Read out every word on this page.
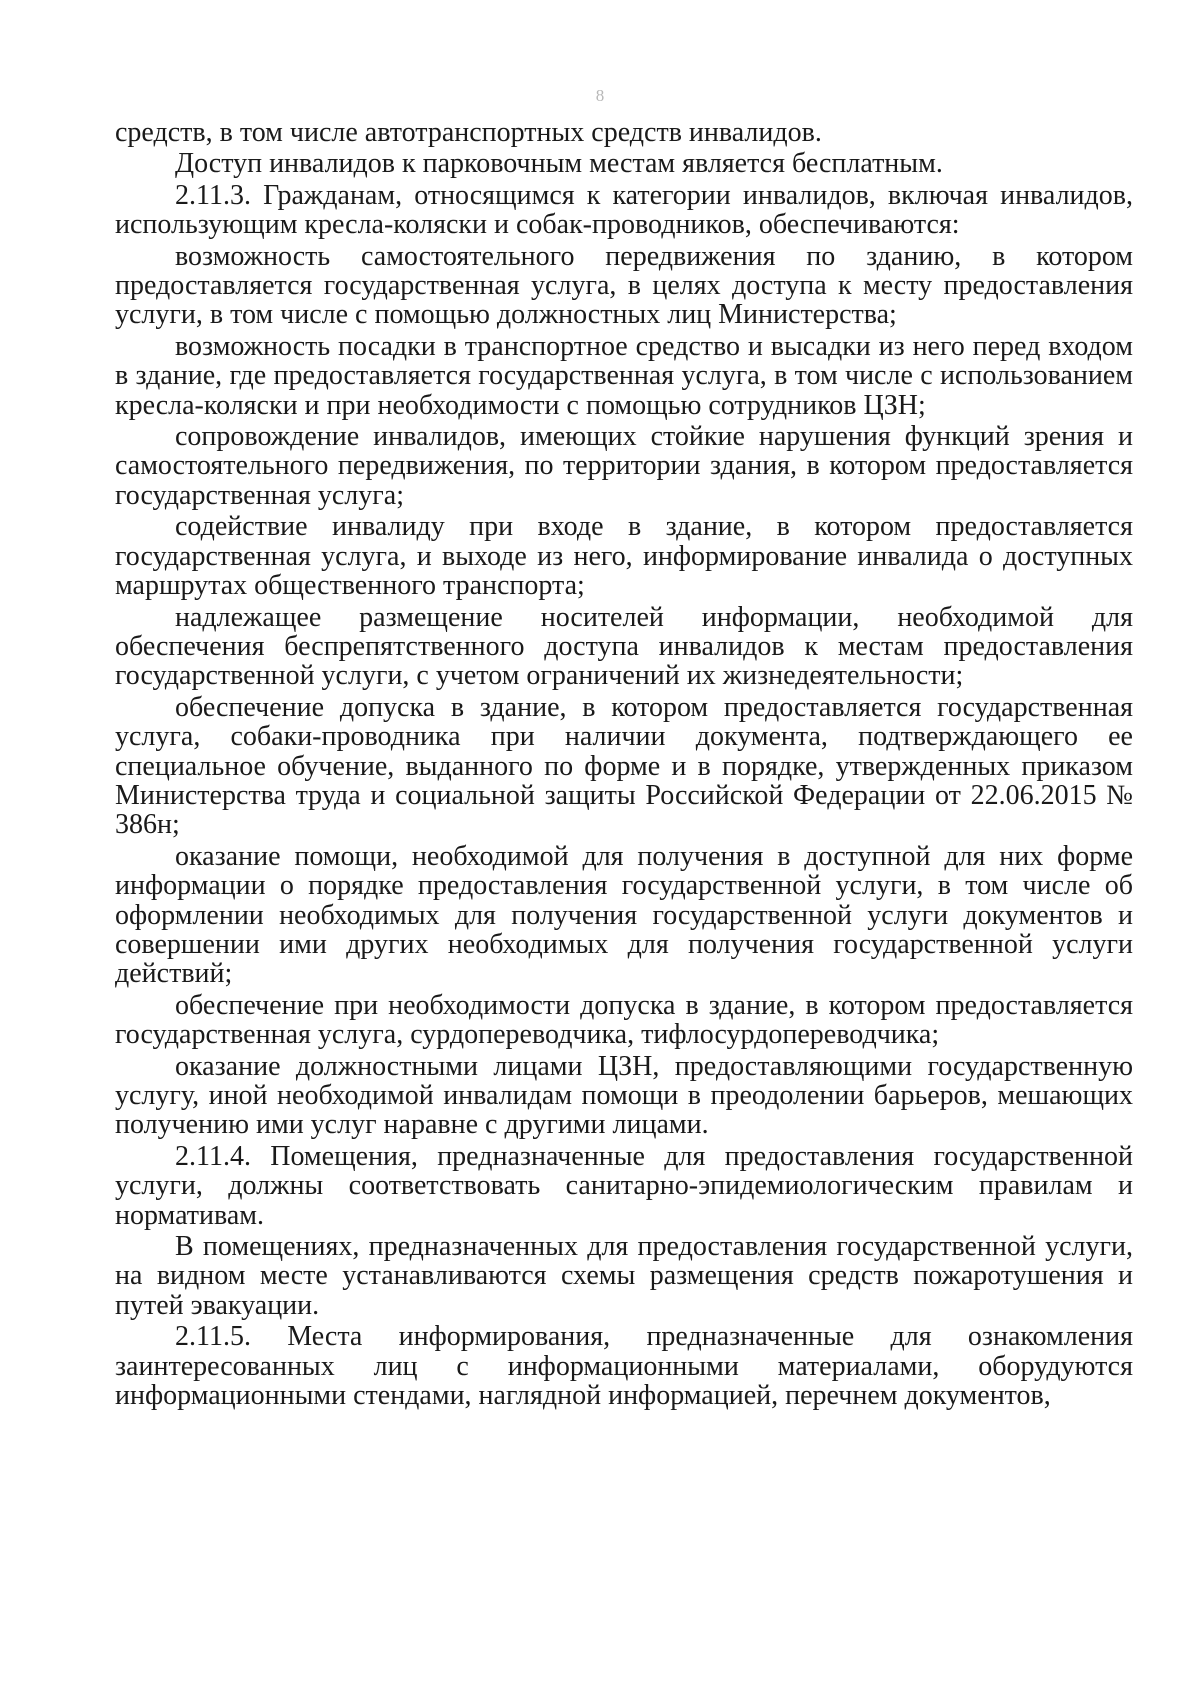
8

средств, в том числе автотранспортных средств инвалидов.

Доступ инвалидов к парковочным местам является бесплатным.

2.11.3. Гражданам, относящимся к категории инвалидов, включая инвалидов, использующим кресла-коляски и собак-проводников, обеспечиваются:

возможность самостоятельного передвижения по зданию, в котором предоставляется государственная услуга, в целях доступа к месту предоставления услуги, в том числе с помощью должностных лиц Министерства;

возможность посадки в транспортное средство и высадки из него перед входом в здание, где предоставляется государственная услуга, в том числе с использованием кресла-коляски и при необходимости с помощью сотрудников ЦЗН;

сопровождение инвалидов, имеющих стойкие нарушения функций зрения и самостоятельного передвижения, по территории здания, в котором предоставляется государственная услуга;

содействие инвалиду при входе в здание, в котором предоставляется государственная услуга, и выходе из него, информирование инвалида о доступных маршрутах общественного транспорта;

надлежащее размещение носителей информации, необходимой для обеспечения беспрепятственного доступа инвалидов к местам предоставления государственной услуги, с учетом ограничений их жизнедеятельности;

обеспечение допуска в здание, в котором предоставляется государственная услуга, собаки-проводника при наличии документа, подтверждающего ее специальное обучение, выданного по форме и в порядке, утвержденных приказом Министерства труда и социальной защиты Российской Федерации от 22.06.2015 № 386н;

оказание помощи, необходимой для получения в доступной для них форме информации о порядке предоставления государственной услуги, в том числе об оформлении необходимых для получения государственной услуги документов и совершении ими других необходимых для получения государственной услуги действий;

обеспечение при необходимости допуска в здание, в котором предоставляется государственная услуга, сурдопереводчика, тифлосурдопереводчика;

оказание должностными лицами ЦЗН, предоставляющими государственную услугу, иной необходимой инвалидам помощи в преодолении барьеров, мешающих получению ими услуг наравне с другими лицами.

2.11.4. Помещения, предназначенные для предоставления государственной услуги, должны соответствовать санитарно-эпидемиологическим правилам и нормативам.

В помещениях, предназначенных для предоставления государственной услуги, на видном месте устанавливаются схемы размещения средств пожаротушения и путей эвакуации.

2.11.5. Места информирования, предназначенные для ознакомления заинтересованных лиц с информационными материалами, оборудуются информационными стендами, наглядной информацией, перечнем документов,
